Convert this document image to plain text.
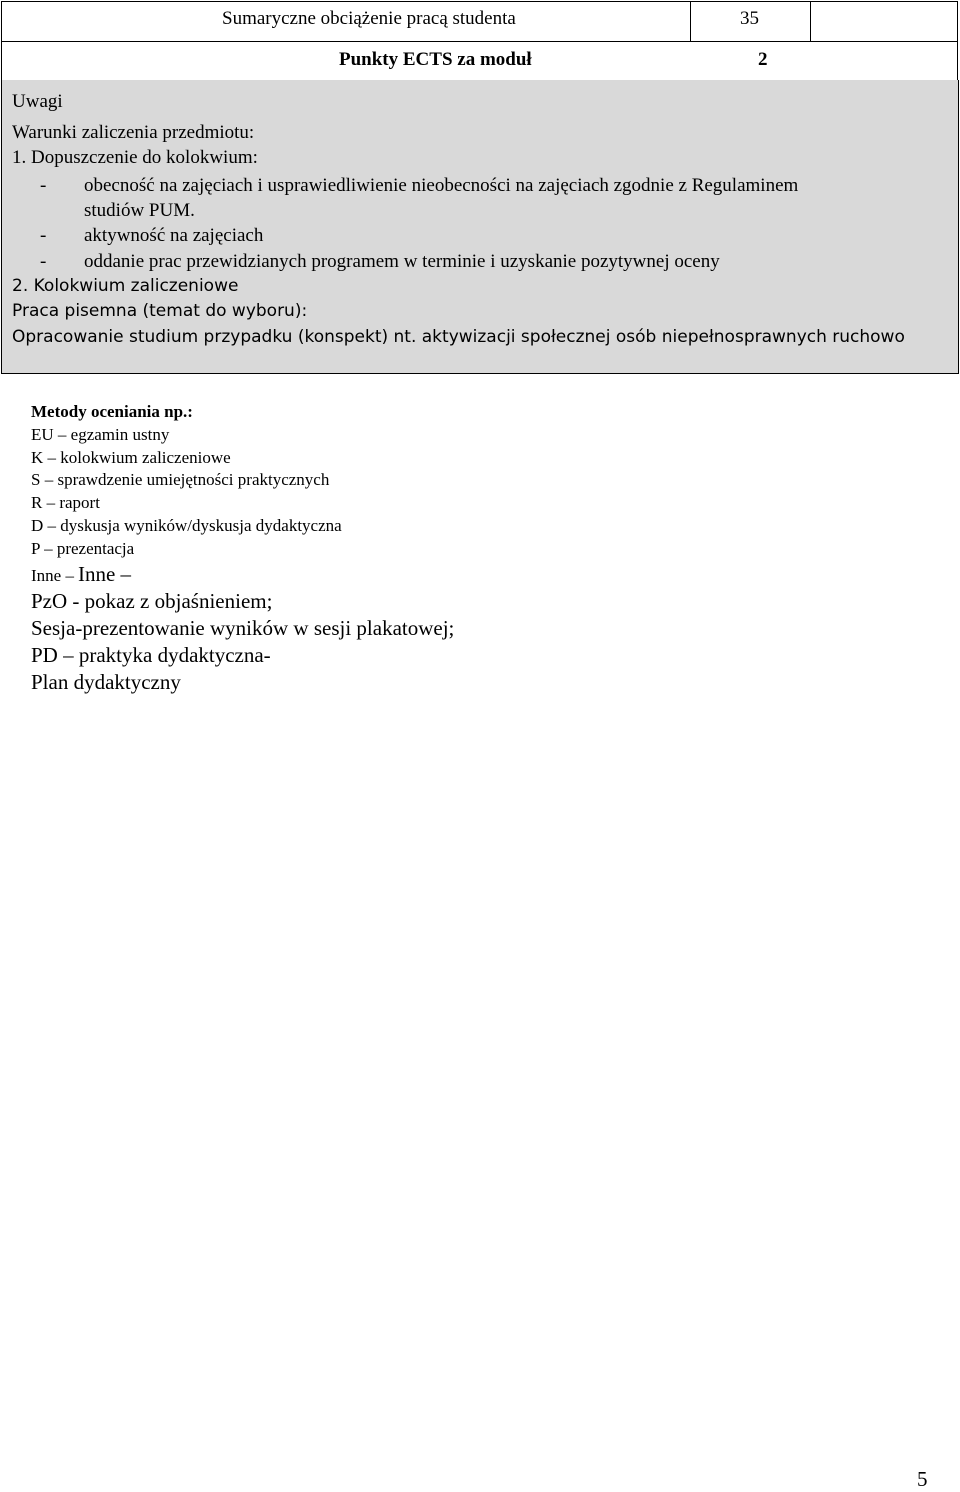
Sumaryczne obciążenie pracą studenta	35
Punkty ECTS za moduł	2
Uwagi
Warunki zaliczenia przedmiotu:
1. Dopuszczenie do kolokwium:
- obecność na zajęciach i usprawiedliwienie nieobecności na zajęciach zgodnie z Regulaminem
studiów PUM.
- aktywność na zajęciach
- oddanie prac przewidzianych programem w terminie i uzyskanie pozytywnej oceny
2. Kolokwium zaliczeniowe
Praca pisemna (temat do wyboru):
Opracowanie studium przypadku (konspekt) nt. aktywizacji społecznej osób niepełnosprawnych ruchowo
Metody oceniania np.:
EU – egzamin ustny
K – kolokwium zaliczeniowe
S – sprawdzenie umiejętności praktycznych
R – raport
D – dyskusja wyników/dyskusja dydaktyczna
P – prezentacja
Inne – Inne –
PzO - pokaz z objaśnieniem;
Sesja-prezentowanie wyników w sesji plakatowej;
PD – praktyka dydaktyczna-
Plan dydaktyczny
5
